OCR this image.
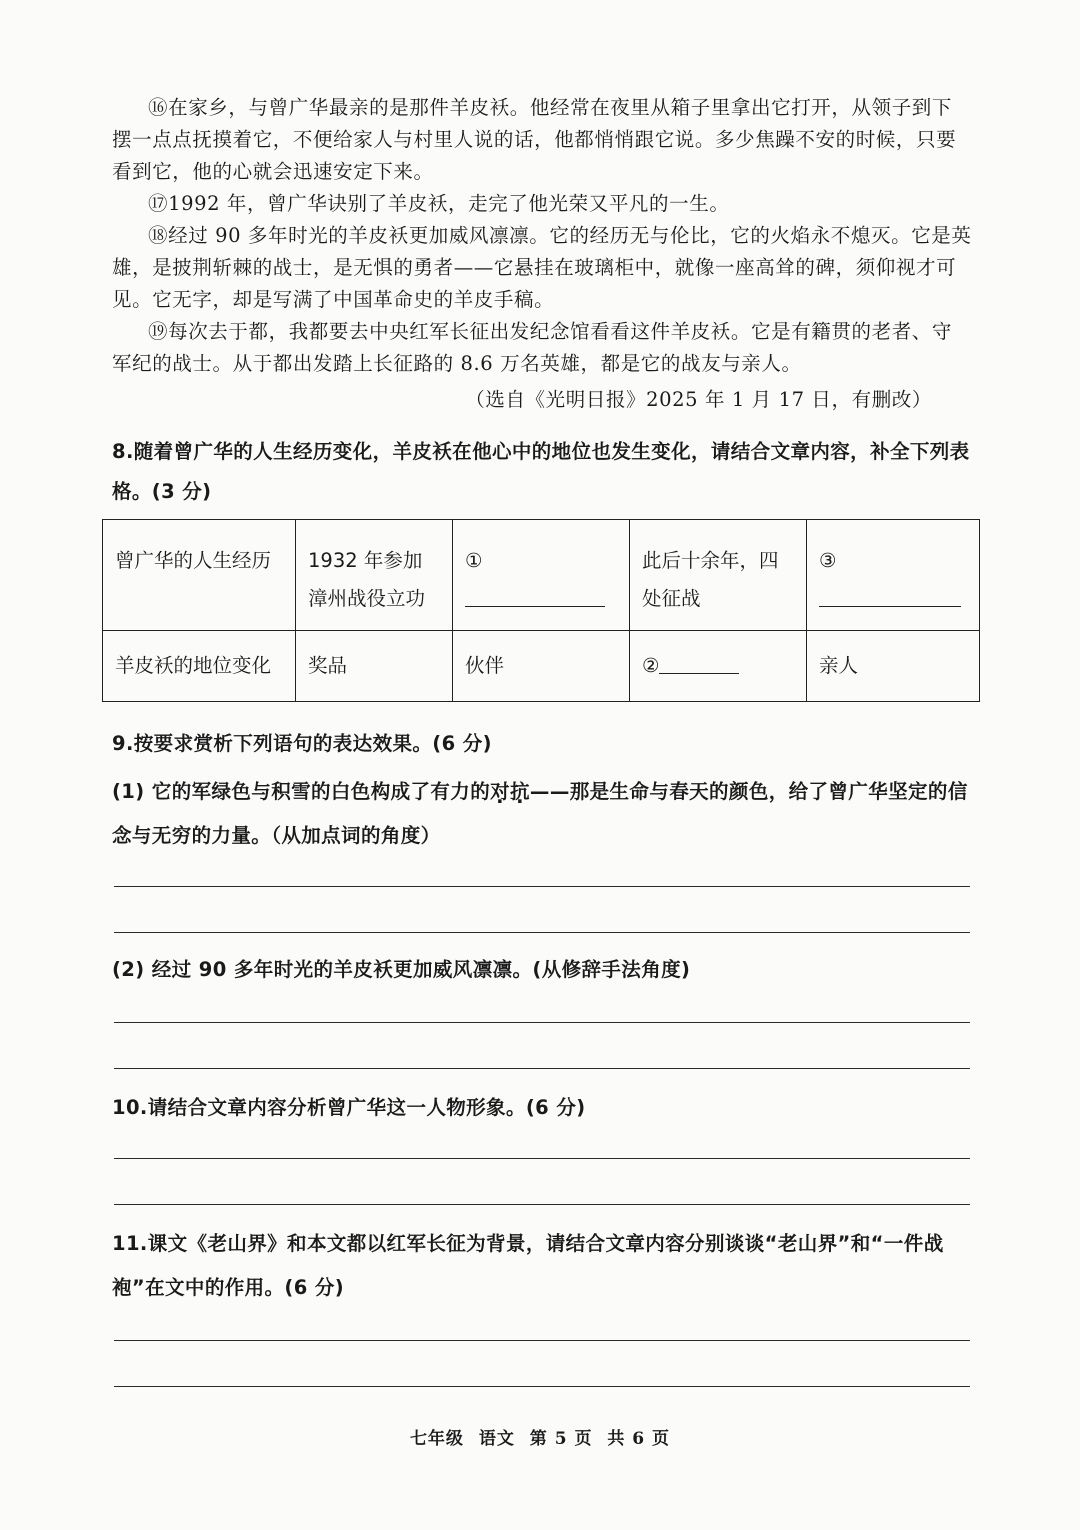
⑯在家乡，与曾广华最亲的是那件羊皮袄。他经常在夜里从箱子里拿出它打开，从领子到下摆一点点抚摸着它，不便给家人与村里人说的话，他都悄悄跟它说。多少焦躁不安的时候，只要看到它，他的心就会迅速安定下来。

⑰1992 年，曾广华诀别了羊皮袄，走完了他光荣又平凡的一生。

⑱经过 90 多年时光的羊皮袄更加威风凛凛。它的经历无与伦比，它的火焰永不熄灭。它是英雄，是披荆斩棘的战士，是无惧的勇者——它悬挂在玻璃柜中，就像一座高耸的碑，须仰视才可见。它无字，却是写满了中国革命史的羊皮手稿。

⑲每次去于都，我都要去中央红军长征出发纪念馆看看这件羊皮袄。它是有籍贯的老者、守军纪的战士。从于都出发踏上长征路的 8.6 万名英雄，都是它的战友与亲人。

（选自《光明日报》2025 年 1 月 17 日，有删改）

8.随着曾广华的人生经历变化，羊皮袄在他心中的地位也发生变化，请结合文章内容，补全下列表格。(3 分)

曾广华的人生经历	1932 年参加漳州战役立功	①	此后十余年，四处征战	③

羊皮袄的地位变化	奖品	伙伴	②	亲人

9.按要求赏析下列语句的表达效果。(6 分)

(1) 它的军绿色与积雪的白色构成了有力的对 .抗 .——那是生命与春天的颜色，给了曾广华坚定的信念与无穷的力量。（从加点词的角度）

(2) 经过 90 多年时光的羊皮袄更加威风凛凛。(从修辞手法角度)

10.请结合文章内容分析曾广华这一人物形象。(6 分)

11.课文《老山界》和本文都以红军长征为背景，请结合文章内容分别谈谈“老山界”和“一件战袍”在文中的作用。(6 分)

七年级 语文 第 5 页 共 6 页
